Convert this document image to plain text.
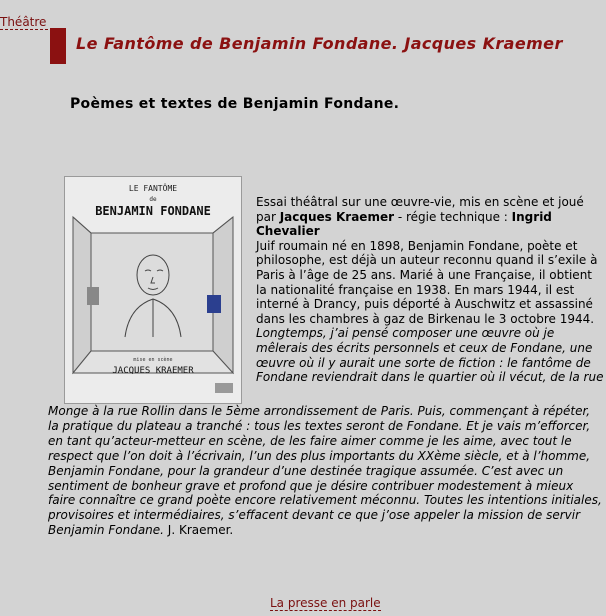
Théâtre
Le Fantôme de Benjamin Fondane. Jacques Kraemer
Poèmes et textes de Benjamin Fondane.
LE FANTÔME
de
BENJAMIN FONDANE
mise en scène
JACQUES KRAEMER

Essai théâtral sur une œuvre-vie, mis en scène et joué par Jacques Kraemer - régie technique : Ingrid Chevalier

Juif roumain né en 1898, Benjamin Fondane, poète et philosophe, est déjà un auteur reconnu quand il s’exile à Paris à l’âge de 25 ans. Marié à une Française, il obtient la nationalité française en 1938. En mars 1944, il est interné à Drancy, puis déporté à Auschwitz et assassiné dans les chambres à gaz de Birkenau le 3 octobre 1944.

Longtemps, j’ai pensé composer une œuvre où je mêlerais des écrits personnels et ceux de Fondane, une œuvre où il y aurait une sorte de fiction : le fantôme de Fondane reviendrait dans le quartier où il vécut, de la rue

Monge à la rue Rollin dans le 5ème arrondissement de Paris. Puis, commençant à répéter, la pratique du plateau a tranché : tous les textes seront de Fondane. Et je vais m’efforcer, en tant qu’acteur-metteur en scène, de les faire aimer comme je les aime, avec tout le respect que l’on doit à l’écrivain, l’un des plus importants du XXème siècle, et à l’homme, Benjamin Fondane, pour la grandeur d’une destinée tragique assumée. C’est avec un sentiment de bonheur grave et profond que je désire contribuer modestement à mieux faire connaître ce grand poète encore relativement méconnu. Toutes les intentions initiales, provisoires et intermédiaires, s’effacent devant ce que j’ose appeler la mission de servir Benjamin Fondane. J. Kraemer.

La presse en parle
